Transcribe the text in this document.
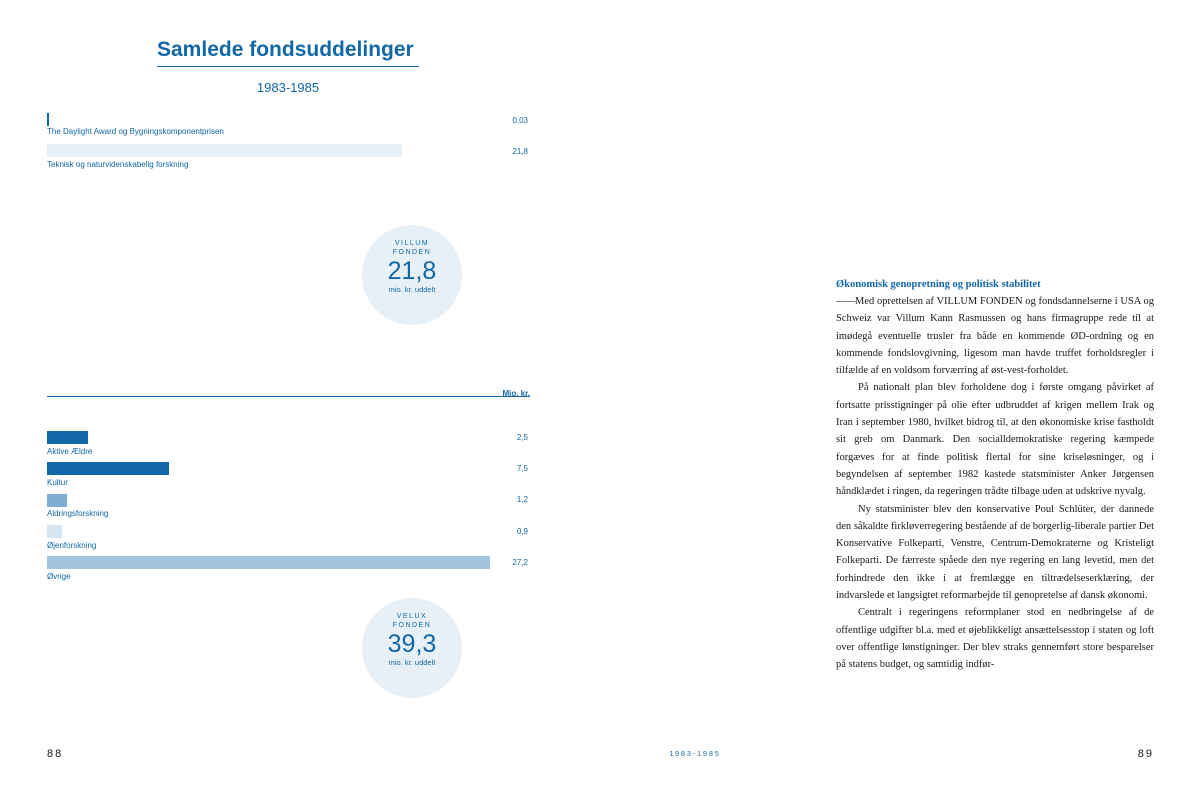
Samlede fondsuddelinger
1983-1985
0,03
The Daylight Award og Bygningskomponentprisen
21,8
Teknisk og naturvidenskabelig forskning
VILLUM
FONDEN
21,8
mio. kr. uddelt
Mio. kr.
2,5
Aktive Ældre
7,5
Kultur
1,2
Aldringsforskning
0,9
Øjenforskning
27,2
Øvrige
VELUX
FONDEN
39,3
mio. kr. uddelt
Økonomisk genopretning og politisk stabilitet

—— Med oprettelsen af VILLUM FONDEN og fondsdannelserne i USA og Schweiz var Villum Kann Rasmussen og hans firmagruppe rede til at imødegå eventuelle trusler fra både en kommende ØD-ordning og en kommende fondslovgivning, ligesom man havde truffet forholdsregler i tilfælde af en voldsom forværring af øst-vest-forholdet.

På nationalt plan blev forholdene dog i første omgang påvirket af fortsatte prisstigninger på olie efter udbruddet af krigen mellem Irak og Iran i september 1980, hvilket bidrog til, at den økonomiske krise fastholdt sit greb om Danmark. Den socialldemokratiske regering kæmpede forgæves for at finde politisk flertal for sine kriseløsninger, og i begyndelsen af september 1982 kastede statsminister Anker Jørgensen håndklædet i ringen, da regeringen trådte tilbage uden at udskrive nyvalg.

Ny statsminister blev den konservative Poul Schlüter, der dannede den såkaldte firkløverregering bestående af de borgerlig-liberale partier Det Konservative Folkeparti, Venstre, Centrum-Demokraterne og Kristeligt Folkeparti. De færreste spåede den nye regering en lang levetid, men det forhindrede den ikke i at fremlægge en tiltrædelseserklæring, der indvarslede et langsigtet reformarbejde til genopretelse af dansk økonomi.

Centralt i regeringens reformplaner stod en nedbringelse af de offentlige udgifter bl.a. med et øjeblikkeligt ansættelsesstop i staten og loft over offentlige lønstigninger. Der blev straks gennemført store besparelser på statens budget, og samtidig indfør-

88	1983-1985	89
